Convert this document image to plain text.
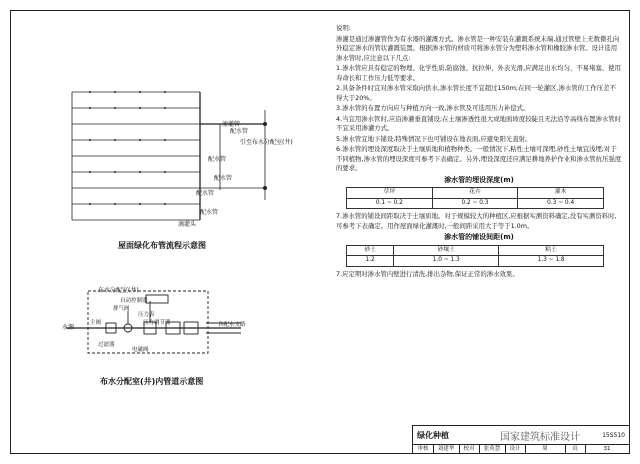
渗灌管
引至布水分配室(井)
配水管
配水管
配水管
配水管
配水管
滴灌头
屋面绿化布管流程示意图
布水分配室(井)
自动控制器
排气阀
压力表
主阀	压力调节器
过滤器
电磁阀
各配水支路
水源
布水分配室(井)内管道示意图

说明:

渗灌是通过渗灌管作为有水器的灌溉方式。渗水管是一种安装在灌溉系统末端,通过管壁上无数微孔向外稳定渗水的管状灌溉装置。根据渗水管的材质可将渗水管分为塑料渗水管和橡胶渗水管。设计选用渗水管时,应注意以下几点:

1.渗水管应具有稳定的物理、化学性质,防腐蚀、抗拉伸、外表光滑,应满足出水均匀、不易堵塞、使用寿命长和工作压力低等要求。

2.具备条件时宜对渗水管采取向供水,渗水管长度不宜超过150m;在同一轮灌区,渗水管的工作压差不得大于20%。

3.渗水管的布置方向应与种植方向一致,渗水管及可选用压力补偿式。

4.当宜用渗水管时,应沿渗灌垂直铺设;在土壤渗透性很大或地面坡度较陡且无法沿等高线布置渗水管时不宜采用渗灌方式。

5.渗水管宜地下铺设,特殊情况下也可铺设在地表面,应避免阳光直射。

6.渗水管的埋设深度取决于土壤质地和植物种类。一般情况下,粘性土壤可深埋,砂性土壤宜浅埋;对于不同植物,渗水管的埋设深度可参考下表确定。另外,埋设深度还应满足耕地养护作业和渗水管抗压强度的要求。

渗水管的埋设深度(m)
草坪	花卉	灌木
0.1 ~ 0.2	0.2 ~ 0.3	0.3 ~ 0.4

7.渗水管的铺设间距取决于土壤质地。对于规模较大的种植区,应根据实测资料确定,没有实测资料时,可参考下表确定。用作屋面绿化灌溉时,一般间距采用大于等于1.0m。

渗水管的铺设间距(m)
砂土	砂壤土	粘土
1.2	1.0 ~ 1.3	1.3 ~ 1.8

7.应定期对渗水管内壁进行清洗,排出杂物,保证正常的渗水效果。

绿化种植	15S510
审核	刘建华	校对	张英慧	设计	周	页	31
国家建筑标准设计
